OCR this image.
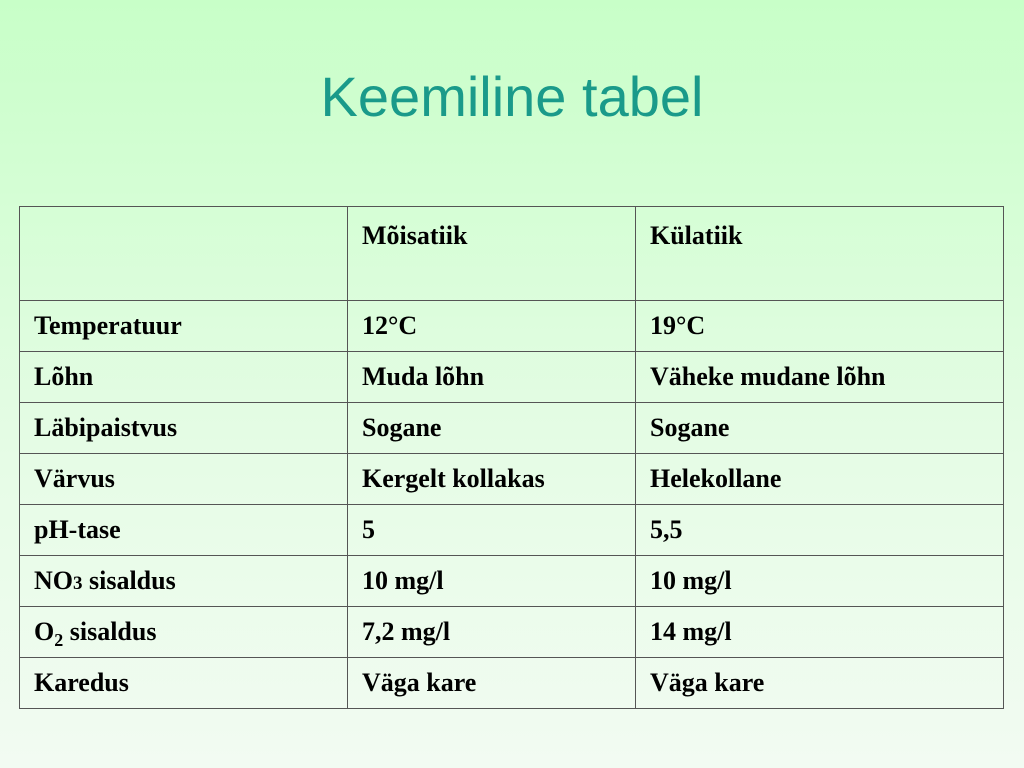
Keemiline tabel
	Mõisatiik	Külatiik
Temperatuur	12°C	19°C
Lõhn	Muda lõhn	Väheke mudane lõhn
Läbipaistvus	Sogane	Sogane
Värvus	Kergelt kollakas	Helekollane
pH-tase	5	5,5
NO3 sisaldus	10 mg/l	10 mg/l
$O_2$ sisaldus	7,2 mg/l	14 mg/l
Karedus	Väga kare	Väga kare
